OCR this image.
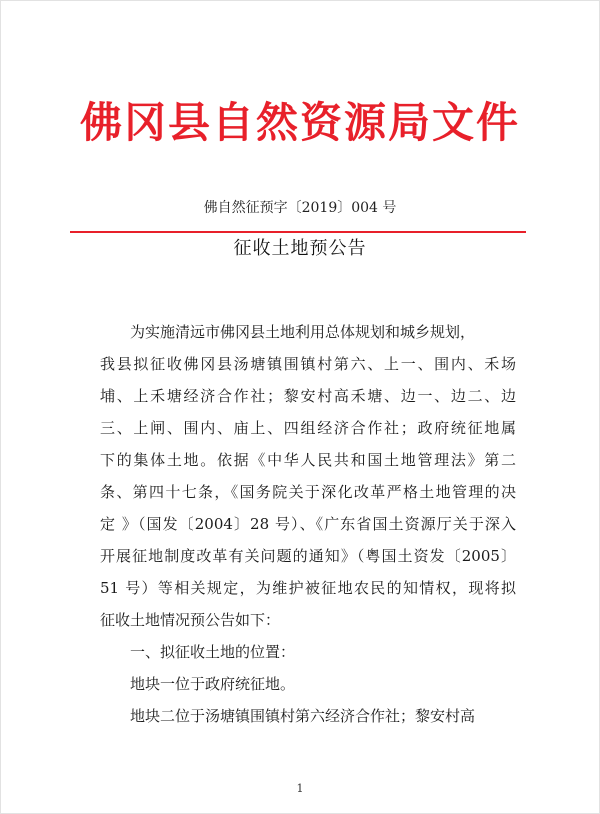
佛冈县自然资源局文件
佛自然征预字〔2019〕004 号
征收土地预公告
为实施清远市佛冈县土地利用总体规划和城乡规划，
我县拟征收佛冈县汤塘镇围镇村第六、上一、围内、禾场
埔、上禾塘经济合作社；黎安村高禾塘、边一、边二、边
三、上闸、围内、庙上、四组经济合作社；政府统征地属
下的集体土地。依据《中华人民共和国土地管理法》第二
条、第四十七条，《国务院关于深化改革严格土地管理的决
定 》（国发〔2004〕28 号）、《广东省国土资源厅关于深入
开展征地制度改革有关问题的通知》（粤国土资发〔2005〕
51 号）等相关规定，为维护被征地农民的知情权，现将拟
征收土地情况预公告如下：
一、拟征收土地的位置：
地块一位于政府统征地。
地块二位于汤塘镇围镇村第六经济合作社；黎安村高
1
